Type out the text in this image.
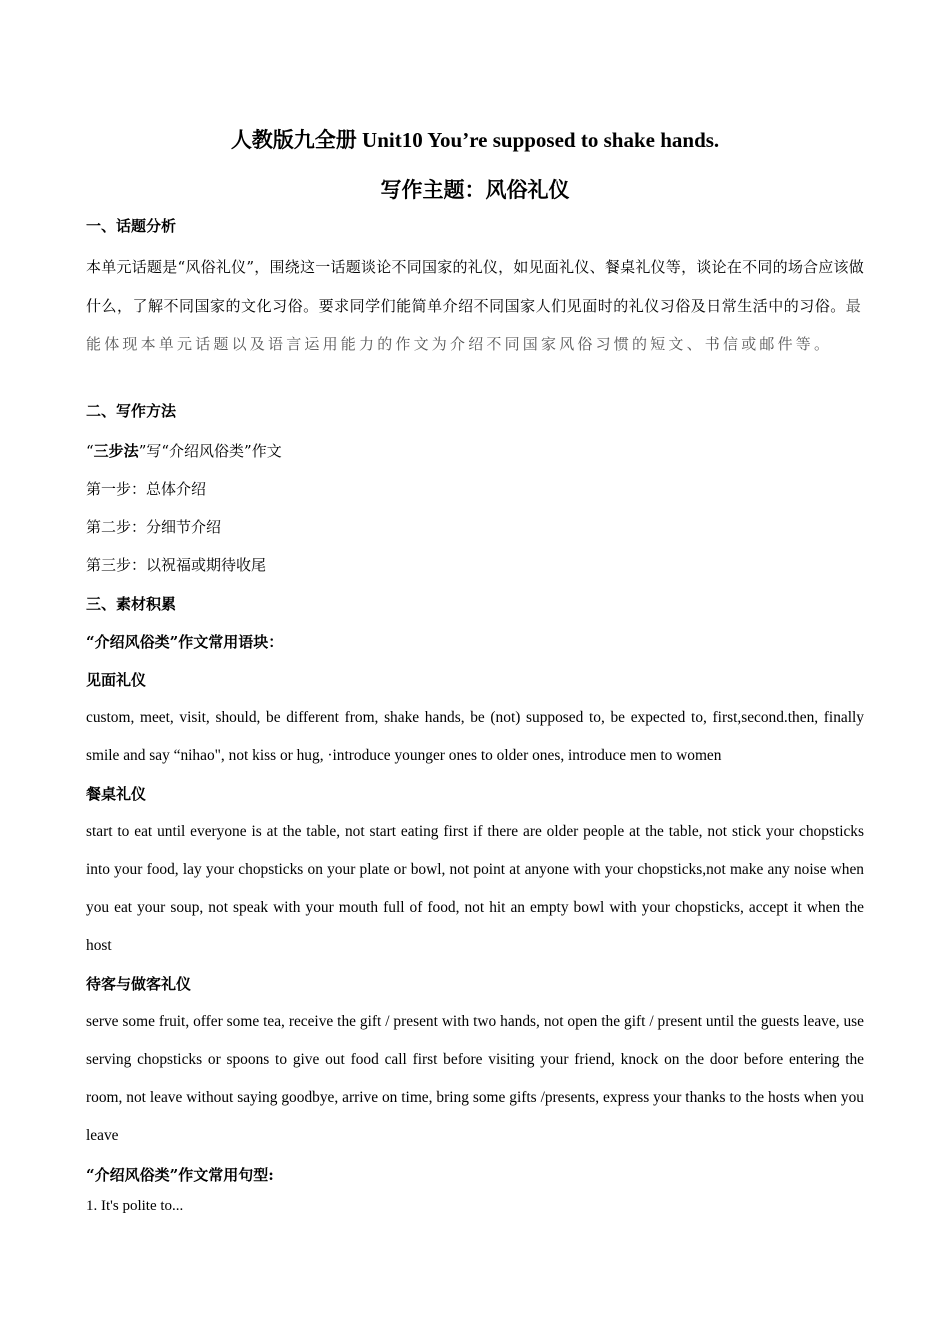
人教版九全册 Unit10 You’re supposed to shake hands.
写作主题：风俗礼仪
一、话题分析
本单元话题是“风俗礼仪”，围绕这一话题谈论不同国家的礼仪，如见面礼仪、餐桌礼仪等，谈论在不同的场合应该做什么，了解不同国家的文化习俗。要求同学们能简单介绍不同国家人们见面时的礼仪习俗及日常生活中的习俗。最能体现本单元话题以及语言运用能力的作文为介绍不同国家风俗习惯的短文、书信或邮件等。
二、写作方法
“三步法”写“介绍风俗类”作文
第一步：总体介绍
第二步：分细节介绍
第三步：以祝福或期待收尾
三、素材积累
“介绍风俗类”作文常用语块：
见面礼仪
custom, meet, visit, should, be different from, shake hands, be (not) supposed to, be expected to, first,second.then, finally smile and say “nihao", not kiss or hug, ·introduce younger ones to older ones, introduce men to women
餐桌礼仪
start to eat until everyone is at the table, not start eating first if there are older people at the table, not stick your chopsticks into your food, lay your chopsticks on your plate or bowl, not point at anyone with your chopsticks,not make any noise when you eat your soup, not speak with your mouth full of food, not hit an empty bowl with your chopsticks, accept it when the host
待客与做客礼仪
serve some fruit, offer some tea, receive the gift / present with two hands, not open the gift / present until the guests leave, use serving chopsticks or spoons to give out food call first before visiting your friend, knock on the door before entering the room, not leave without saying goodbye, arrive on time, bring some gifts /presents, express your thanks to the hosts when you leave
“介绍风俗类”作文常用句型:
1. It's polite to...
